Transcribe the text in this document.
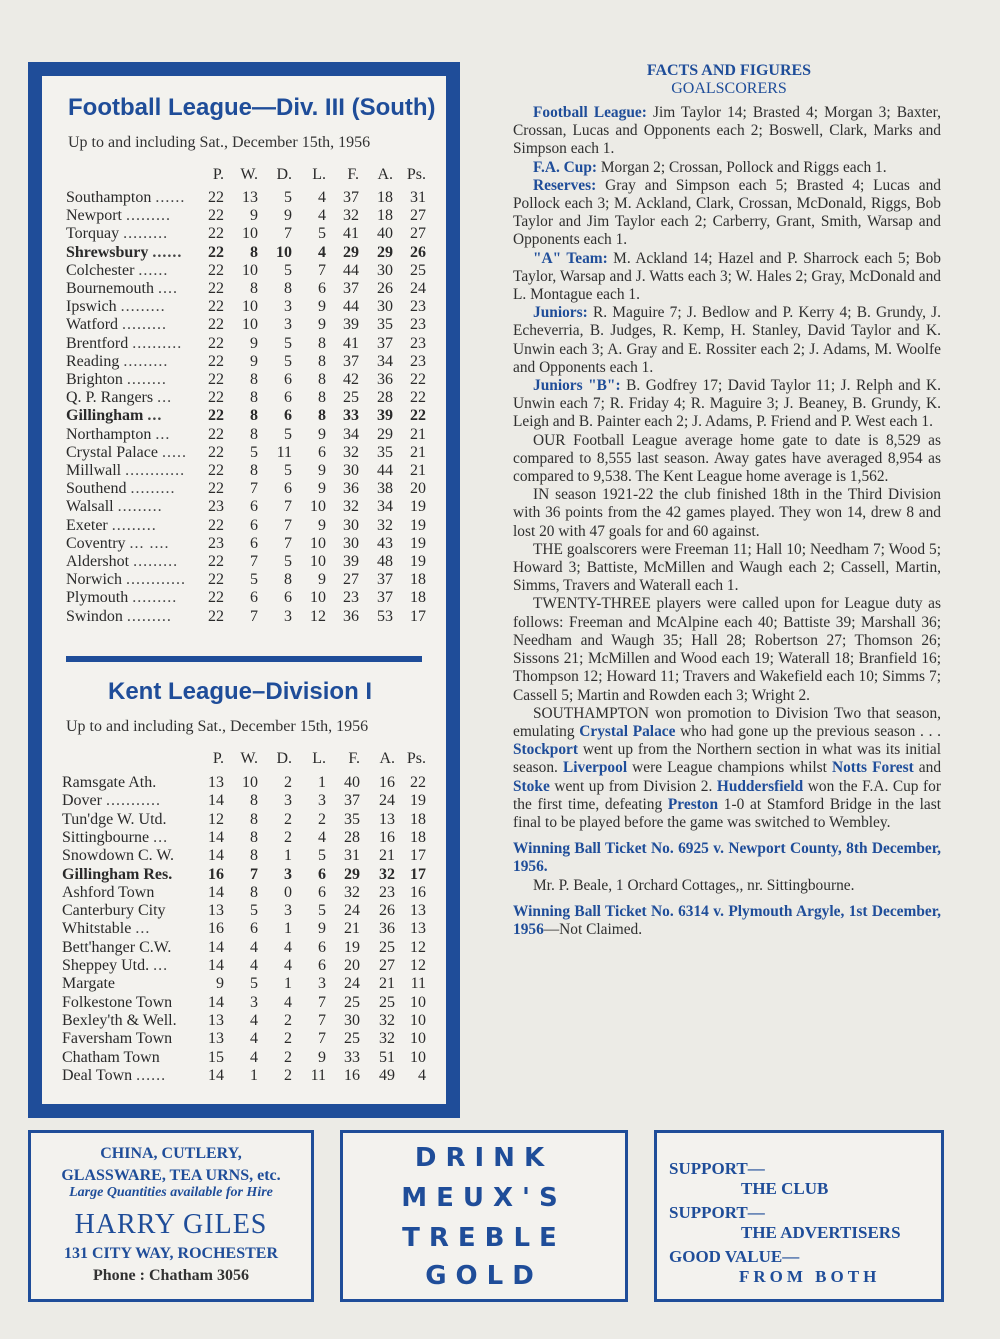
Football League—Div. III (South)
Up to and including Sat., December 15th, 1956
P.	W.	D.	L.	F.	A. Ps.
Southampton ......	22	13	5	4	37	18	31
Newport .........	22	9	9	4	32	18	27
Torquay .........	22	10	7	5	41	40	27
Shrewsbury ......	22	8	10	4	29	29	26
Colchester ......	22	10	5	7	44	30	25
Bournemouth ....	22	8	8	6	37	26	24
Ipswich .........	22	10	3	9	44	30	23
Watford .........	22	10	3	9	39	35	23
Brentford ..........	22	9	5	8	41	37	23
Reading .........	22	9	5	8	37	34	23
Brighton ........	22	8	6	8	42	36	22
Q. P. Rangers ...	22	8	6	8	25	28	22
Gillingham ...	22	8	6	8	33	39	22
Northampton ...	22	8	5	9	34	29	21
Crystal Palace .....	22	5	11	6	32	35	21
Millwall ............	22	8	5	9	30	44	21
Southend .........	22	7	6	9	36	38	20
Walsall .........	23	6	7	10	32	34	19
Exeter .........	22	6	7	9	30	32	19
Coventry ... ....	23	6	7	10	30	43	19
Aldershot .........	22	7	5	10	39	48	19
Norwich ............	22	5	8	9	27	37	18
Plymouth .........	22	6	6	10	23	37	18
Swindon .........	22	7	3	12	36	53	17
Kent League–Division I
Up to and including Sat., December 15th, 1956
P.	W.	D.	L.	F.	A. Ps.
Ramsgate Ath.	13	10	2	1	40	16 22
Dover ...........	14	8	3	3	37	24 19
Tun'dge W. Utd.	12	8	2	2	35	13 18
Sittingbourne ...	14	8	2	4	28	16 18
Snowdown C. W.	14	8	1	5	31	21 17
Gillingham Res.	16	7	3	6	29	32 17
Ashford Town	14	8	0	6	32	23 16
Canterbury City	13	5	3	5	24	26 13
Whitstable ...	16	6	1	9	21	36 13
Bett'hanger C.W.	14	4	4	6	19	25 12
Sheppey Utd. ...	14	4	4	6	20	27 12
Margate	9	5	1	3	24	21 11
Folkestone Town	14	3	4	7	25	25 10
Bexley'th & Well.	13	4	2	7	30	32 10
Faversham Town	13	4	2	7	25	32 10
Chatham Town	15	4	2	9	33	51 10
Deal Town ......	14	1	2	11	16	49	4
FACTS AND FIGURES
GOALSCORERS

Football League: Jim Taylor 14; Brasted 4; Morgan 3; Baxter, Crossan, Lucas and Opponents each 2; Boswell, Clark, Marks and Simpson each 1.

F.A. Cup: Morgan 2; Crossan, Pollock and Riggs each 1.

Reserves: Gray and Simpson each 5; Brasted 4; Lucas and Pollock each 3; M. Ackland, Clark, Crossan, McDonald, Riggs, Bob Taylor and Jim Taylor each 2; Carberry, Grant, Smith, Warsap and Opponents each 1.

"A" Team: M. Ackland 14; Hazel and P. Sharrock each 5; Bob Taylor, Warsap and J. Watts each 3; W. Hales 2; Gray, McDonald and L. Montague each 1.

Juniors: R. Maguire 7; J. Bedlow and P. Kerry 4; B. Grundy, J. Echeverria, B. Judges, R. Kemp, H. Stanley, David Taylor and K. Unwin each 3; A. Gray and E. Rossiter each 2; J. Adams, M. Woolfe and Opponents each 1.

Juniors "B": B. Godfrey 17; David Taylor 11; J. Relph and K. Unwin each 7; R. Friday 4; R. Maguire 3; J. Beaney, B. Grundy, K. Leigh and B. Painter each 2; J. Adams, P. Friend and P. West each 1.

OUR Football League average home gate to date is 8,529 as compared to 8,555 last season. Away gates have averaged 8,954 as compared to 9,538. The Kent League home average is 1,562.

IN season 1921-22 the club finished 18th in the Third Division with 36 points from the 42 games played. They won 14, drew 8 and lost 20 with 47 goals for and 60 against.

THE goalscorers were Freeman 11; Hall 10; Needham 7; Wood 5; Howard 3; Battiste, McMillen and Waugh each 2; Cassell, Martin, Simms, Travers and Waterall each 1.

TWENTY-THREE players were called upon for League duty as follows: Freeman and McAlpine each 40; Battiste 39; Marshall 36; Needham and Waugh 35; Hall 28; Robertson 27; Thomson 26; Sissons 21; McMillen and Wood each 19; Waterall 18; Branfield 16; Thompson 12; Howard 11; Travers and Wakefield each 10; Simms 7; Cassell 5; Martin and Rowden each 3; Wright 2.

SOUTHAMPTON won promotion to Division Two that season, emulating Crystal Palace who had gone up the previous season . . . Stockport went up from the Northern section in what was its initial season. Liverpool were League champions whilst Notts Forest and Stoke went up from Division 2. Huddersfield won the F.A. Cup for the first time, defeating Preston 1-0 at Stamford Bridge in the last final to be played before the game was switched to Wembley.

Winning Ball Ticket No. 6925 v. Newport County, 8th December, 1956.

Mr. P. Beale, 1 Orchard Cottages,, nr. Sittingbourne.

Winning Ball Ticket No. 6314 v. Plymouth Argyle, 1st December, 1956—Not Claimed.

CHINA, CUTLERY,
GLASSWARE, TEA URNS, etc.
Large Quantities available for Hire
HARRY GILES
131 CITY WAY, ROCHESTER
Phone : Chatham 3056
DRINK
MEUX'S
TREBLE
GOLD
SUPPORT—
THE CLUB
SUPPORT—
THE ADVERTISERS
GOOD VALUE—
FROM BOTH
